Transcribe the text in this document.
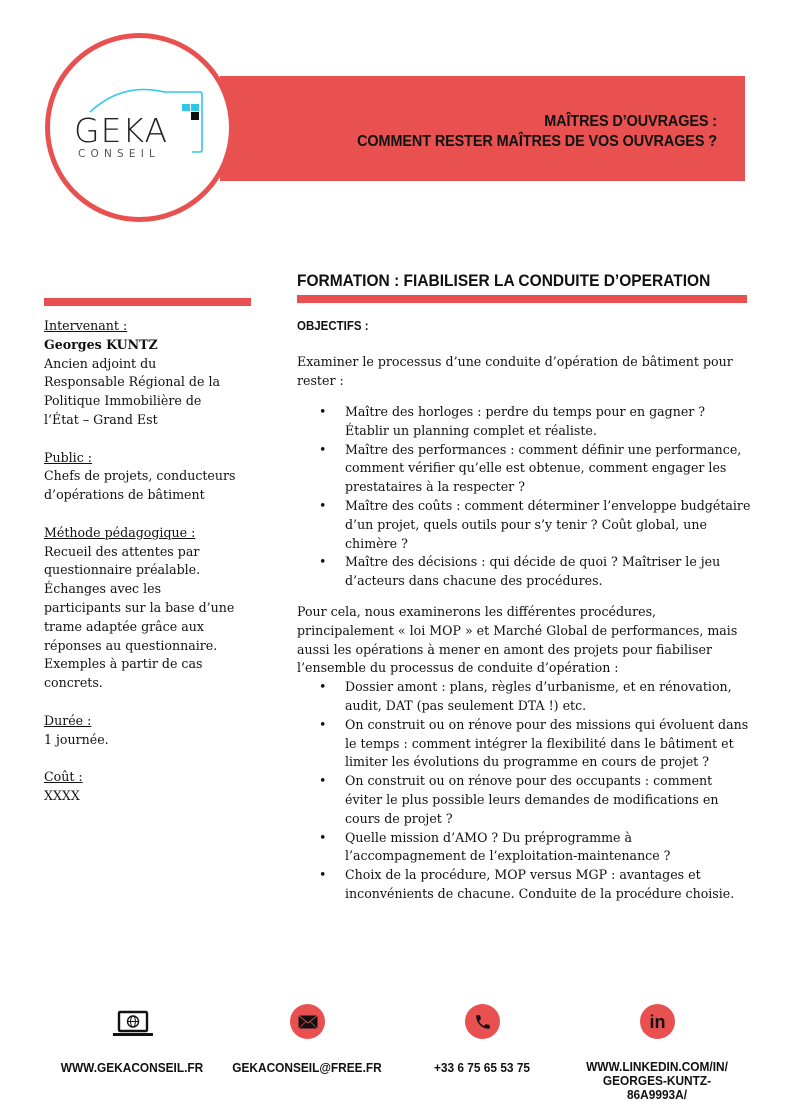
MAÎTRES D’OUVRAGES :
COMMENT RESTER MAÎTRES DE VOS OUVRAGES ?
GEKA
CONSEIL
Intervenant :
Georges KUNTZ
Ancien adjoint du
Responsable Régional de la
Politique Immobilière de
l’État – Grand Est
Public :
Chefs de projets, conducteurs
d’opérations de bâtiment
Méthode pédagogique :
Recueil des attentes par
questionnaire préalable.
Échanges avec les
participants sur la base d’une
trame adaptée grâce aux
réponses au questionnaire.
Exemples à partir de cas
concrets.
Durée :
1 journée.
Coût :
XXXX
FORMATION : FIABILISER LA CONDUITE D’OPERATION
OBJECTIFS :
Examiner le processus d’une conduite d’opération de bâtiment pour rester :
• Maître des horloges : perdre du temps pour en gagner ? Établir un planning complet et réaliste.
• Maître des performances : comment définir une performance, comment vérifier qu’elle est obtenue, comment engager les prestataires à la respecter ?
• Maître des coûts : comment déterminer l’enveloppe budgétaire d’un projet, quels outils pour s’y tenir ? Coût global, une chimère ?
• Maître des décisions : qui décide de quoi ? Maîtriser le jeu d’acteurs dans chacune des procédures.
Pour cela, nous examinerons les différentes procédures, principalement « loi MOP » et Marché Global de performances, mais aussi les opérations à mener en amont des projets pour fiabiliser l’ensemble du processus de conduite d’opération :
• Dossier amont : plans, règles d’urbanisme, et en rénovation, audit, DAT (pas seulement DTA !) etc.
• On construit ou on rénove pour des missions qui évoluent dans le temps : comment intégrer la flexibilité dans le bâtiment et limiter les évolutions du programme en cours de projet ?
• On construit ou on rénove pour des occupants : comment éviter le plus possible leurs demandes de modifications en cours de projet ?
• Quelle mission d’AMO ? Du préprogramme à l’accompagnement de l’exploitation-maintenance ?
• Choix de la procédure, MOP versus MGP : avantages et inconvénients de chacune. Conduite de la procédure choisie.
in
WWW.GEKACONSEIL.FR	GEKACONSEIL@FREE.FR	+33 6 75 65 53 75	WWW.LINKEDIN.COM/IN/
GEORGES-KUNTZ-
86A9993A/
